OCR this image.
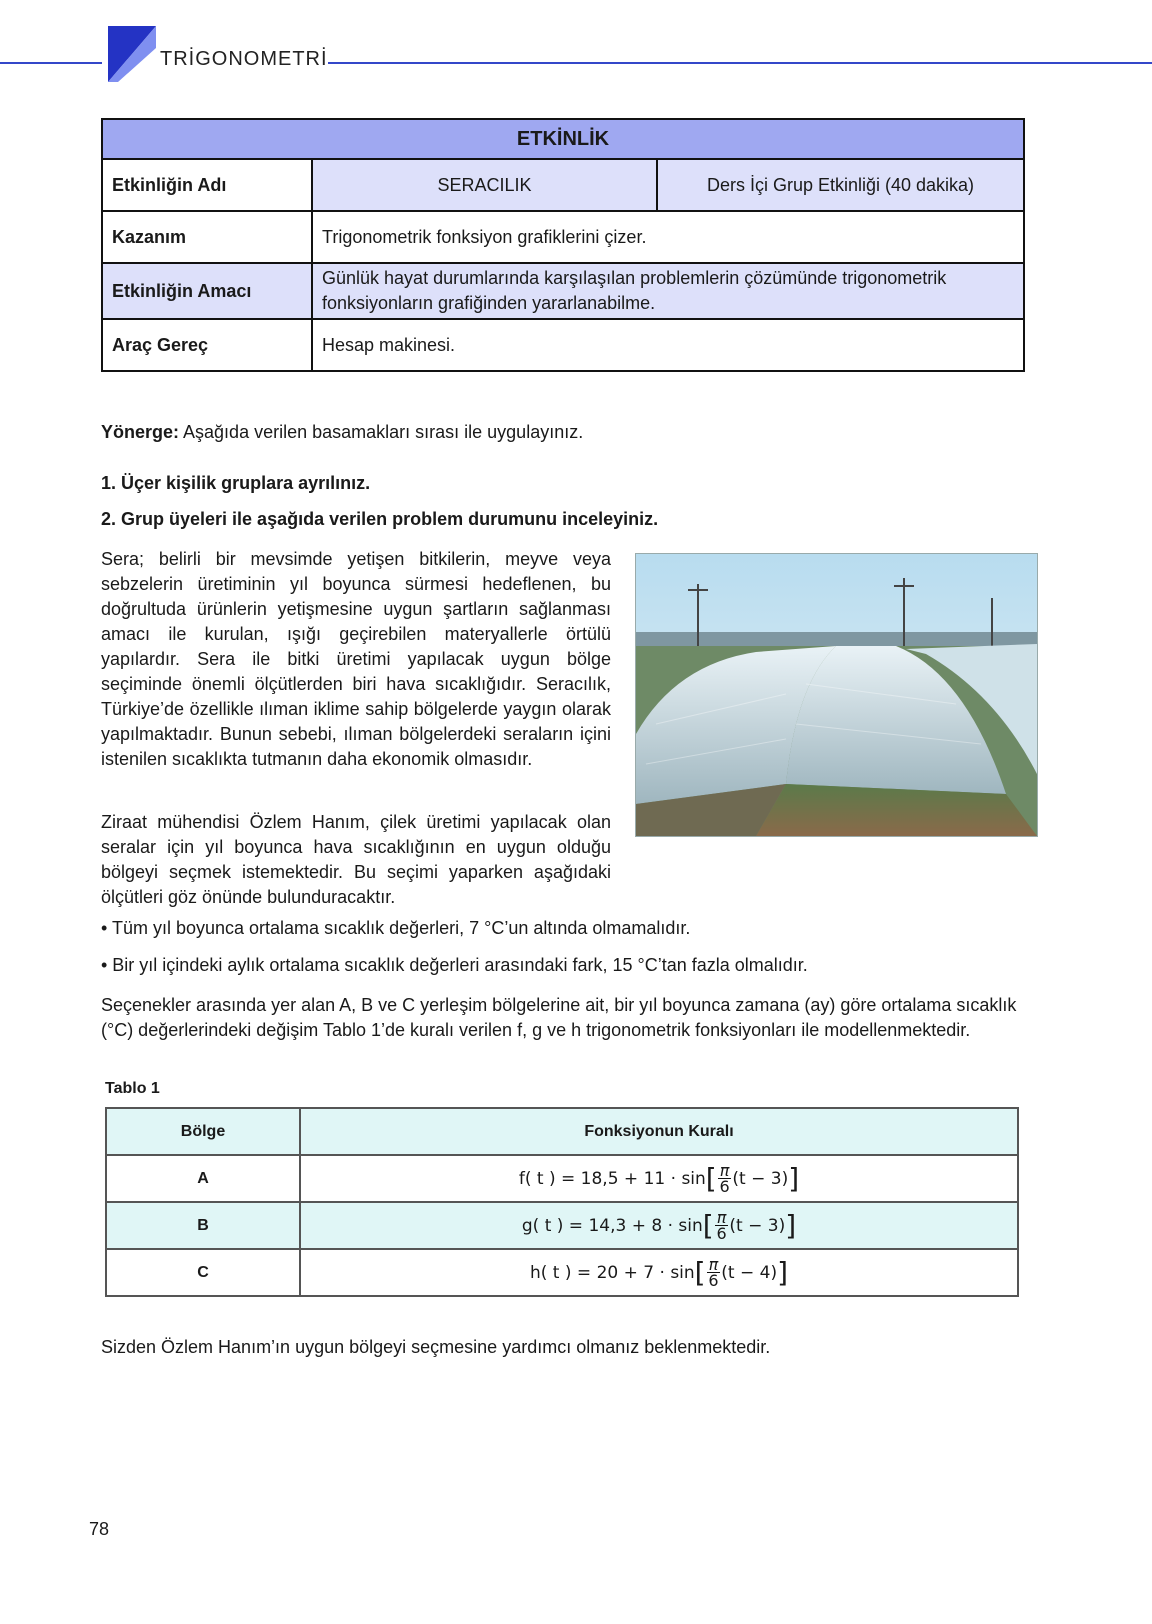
TRİGONOMETRİ
ETKİNLİK		
Etkinliğin Adı	SERACILIK	Ders İçi Grup Etkinliği (40 dakika)
Kazanım	Trigonometrik fonksiyon grafiklerini çizer.	
Etkinliğin Amacı	Günlük hayat durumlarında karşılaşılan problemlerin çözümünde trigonometrik fonksiyonların grafiğinden yararlanabilme.	
Araç Gereç	Hesap makinesi.	
Yönerge: Aşağıda verilen basamakları sırası ile uygulayınız.
1. Üçer kişilik gruplara ayrılınız.
2. Grup üyeleri ile aşağıda verilen problem durumunu inceleyiniz.

Sera; belirli bir mevsimde yetişen bitkilerin, meyve veya sebzelerin üretiminin yıl boyunca sürmesi hedeflenen, bu doğrultuda ürünlerin yetişmesine uygun şartların sağlanması amacı ile kurulan, ışığı geçirebilen materyallerle örtülü yapılardır. Sera ile bitki üretimi yapılacak uygun bölge seçiminde önemli ölçütlerden biri hava sıcaklığıdır. Seracılık, Türkiye’de özellikle ılıman iklime sahip bölgelerde yaygın olarak yapılmaktadır. Bunun sebebi, ılıman bölgelerdeki seraların içini istenilen sıcaklıkta tutmanın daha ekonomik olmasıdır.

Ziraat mühendisi Özlem Hanım, çilek üretimi yapılacak olan seralar için yıl boyunca hava sıcaklığının en uygun olduğu bölgeyi seçmek istemektedir. Bu seçimi yaparken aşağıdaki ölçütleri göz önünde bulunduracaktır.

• Tüm yıl boyunca ortalama sıcaklık değerleri, 7 °C’un altında olmamalıdır.
• Bir yıl içindeki aylık ortalama sıcaklık değerleri arasındaki fark, 15 °C’tan fazla olmalıdır.

Seçenekler arasında yer alan A, B ve C yerleşim bölgelerine ait, bir yıl boyunca zamana (ay) göre ortalama sıcaklık (°C) değerlerindeki değişim Tablo 1’de kuralı verilen f, g ve h trigonometrik fonksiyonları ile modellenmektedir.

Tablo 1
Bölge	Fonksiyonun Kuralı
A	f( t ) = $18,5 + 11 \cdot \sin[ \frac{\pi}{6} (t - 3)]$
B	g( t ) = $14,3 + 8 \cdot \sin[ \frac{\pi}{6} (t - 3)]$
C	h( t ) = $20 + 7 \cdot \sin[ \frac{\pi}{6} (t - 4)]$
Sizden Özlem Hanım’ın uygun bölgeyi seçmesine yardımcı olmanız beklenmektedir.
78
